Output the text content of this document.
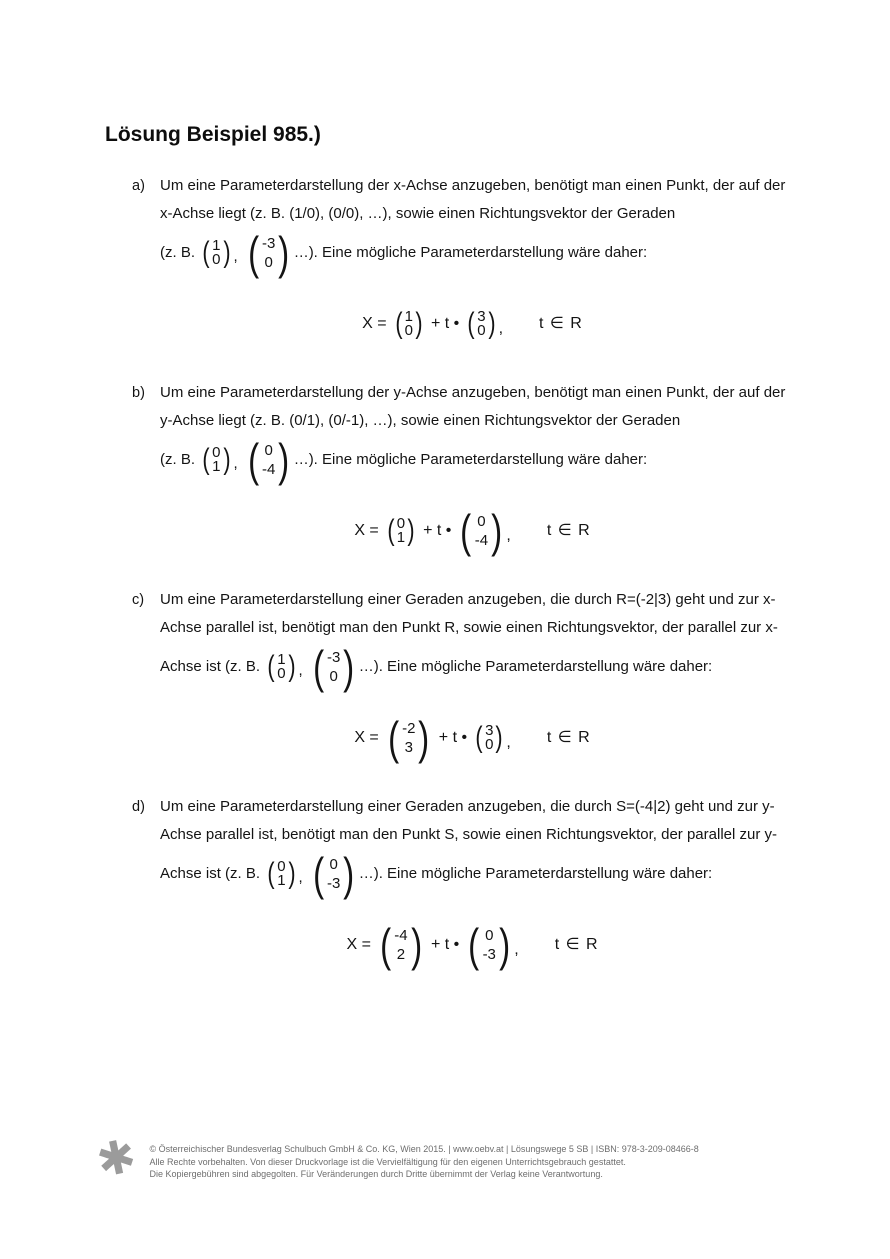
Lösung Beispiel 985.)
a)	Um eine Parameterdarstellung der x-Achse anzugeben, benötigt man einen Punkt, der auf der
x-Achse liegt (z. B. (1/0), (0/0), …), sowie einen Richtungsvektor der Geraden
(z. B. ( 1
0 ) , ( -3
0 ) …). Eine mögliche Parameterdarstellung wäre daher:
X = ( 1
0 ) + t • ( 3
0 ) , t ∈ R
b)	Um eine Parameterdarstellung der y-Achse anzugeben, benötigt man einen Punkt, der auf der
y-Achse liegt (z. B. (0/1), (0/-1), …), sowie einen Richtungsvektor der Geraden
(z. B. ( 0
1 ) , ( 0
-4 ) …). Eine mögliche Parameterdarstellung wäre daher:
X = ( 0
1 ) + t • ( 0
-4 ) , t ∈ R
c)	Um eine Parameterdarstellung einer Geraden anzugeben, die durch R=(-2|3) geht und zur x-
Achse parallel ist, benötigt man den Punkt R, sowie einen Richtungsvektor, der parallel zur x-
Achse ist (z. B. ( 1
0 ) , ( -3
0 ) …). Eine mögliche Parameterdarstellung wäre daher:
X = ( -2
3 ) + t • ( 3
0 ) , t ∈ R
d)	Um eine Parameterdarstellung einer Geraden anzugeben, die durch S=(-4|2) geht und zur y-
Achse parallel ist, benötigt man den Punkt S, sowie einen Richtungsvektor, der parallel zur y-
Achse ist (z. B. ( 0
1 ) , ( 0
-3 ) …). Eine mögliche Parameterdarstellung wäre daher:
X = ( -4
2 ) + t • ( 0
-3 ) , t ∈ R
✱ © Österreichischer Bundesverlag Schulbuch GmbH & Co. KG, Wien 2015. | www.oebv.at | Lösungswege 5 SB | ISBN: 978-3-209-08466-8
Alle Rechte vorbehalten. Von dieser Druckvorlage ist die Vervielfältigung für den eigenen Unterrichtsgebrauch gestattet.
Die Kopiergebühren sind abgegolten. Für Veränderungen durch Dritte übernimmt der Verlag keine Verantwortung.
